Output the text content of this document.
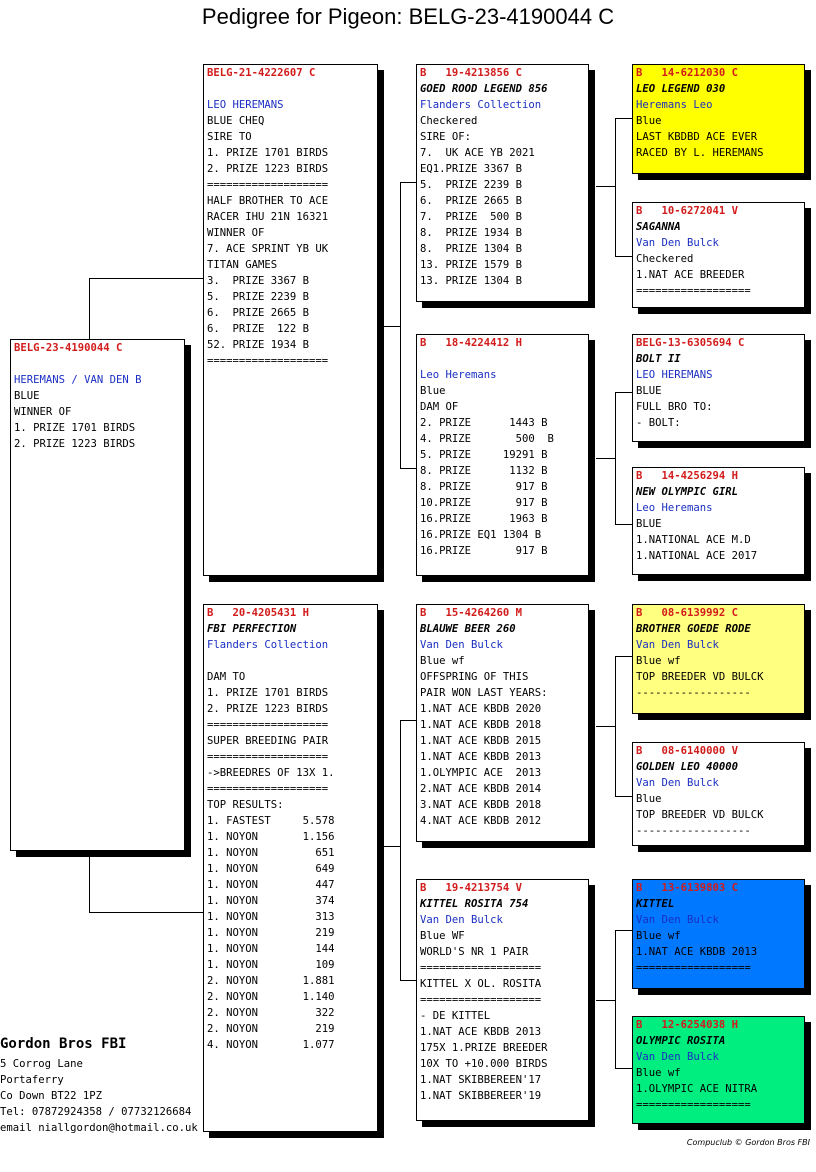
Pedigree for Pigeon: BELG-23-4190044 C
BELG-23-4190044 C
HEREMANS / VAN DEN B
BLUE
WINNER OF
1. PRIZE 1701 BIRDS
2. PRIZE 1223 BIRDS
BELG-21-4222607 C
LEO HEREMANS
BLUE CHEQ
SIRE TO
1. PRIZE 1701 BIRDS
2. PRIZE 1223 BIRDS
===================
HALF BROTHER TO ACE
RACER IHU 21N 16321
WINNER OF
7. ACE SPRINT YB UK
TITAN GAMES
3.  PRIZE 3367 B
5.  PRIZE 2239 B
6.  PRIZE 2665 B
6.  PRIZE  122 B
52. PRIZE 1934 B
===================
B   20-4205431 H
FBI PERFECTION
Flanders Collection
DAM TO
1. PRIZE 1701 BIRDS
2. PRIZE 1223 BIRDS
===================
SUPER BREEDING PAIR
===================
->BREEDRES OF 13X 1.
===================
TOP RESULTS:
1. FASTEST     5.578
1. NOYON       1.156
1. NOYON         651
1. NOYON         649
1. NOYON         447
1. NOYON         374
1. NOYON         313
1. NOYON         219
1. NOYON         144
1. NOYON         109
2. NOYON       1.881
2. NOYON       1.140
2. NOYON         322
2. NOYON         219
4. NOYON       1.077
B   19-4213856 C
GOED ROOD LEGEND 856
Flanders Collection
Checkered
SIRE OF:
7.  UK ACE YB 2021
EQ1.PRIZE 3367 B
5.  PRIZE 2239 B
6.  PRIZE 2665 B
7.  PRIZE  500 B
8.  PRIZE 1934 B
8.  PRIZE 1304 B
13. PRIZE 1579 B
13. PRIZE 1304 B
B   18-4224412 H
Leo Heremans
Blue
DAM OF
2. PRIZE      1443 B
4. PRIZE       500  B
5. PRIZE     19291 B
8. PRIZE      1132 B
8. PRIZE       917 B
10.PRIZE       917 B
16.PRIZE      1963 B
16.PRIZE EQ1 1304 B
16.PRIZE       917 B
B   15-4264260 M
BLAUWE BEER 260
Van Den Bulck
Blue wf
OFFSPRING OF THIS
PAIR WON LAST YEARS:
1.NAT ACE KBDB 2020
1.NAT ACE KBDB 2018
1.NAT ACE KBDB 2015
1.NAT ACE KBDB 2013
1.OLYMPIC ACE  2013
2.NAT ACE KBDB 2014
3.NAT ACE KBDB 2018
4.NAT ACE KBDB 2012
B   19-4213754 V
KITTEL ROSITA 754
Van Den Bulck
Blue WF
WORLD'S NR 1 PAIR
===================
KITTEL X OL. ROSITA
===================
- DE KITTEL
1.NAT ACE KBDB 2013
175X 1.PRIZE BREEDER
10X TO +10.000 BIRDS
1.NAT SKIBBEREEN'17
1.NAT SKIBBEREER'19
B   14-6212030 C
LEO LEGEND 030
Heremans Leo
Blue
LAST KBDBD ACE EVER
RACED BY L. HEREMANS
B   10-6272041 V
SAGANNA
Van Den Bulck
Checkered
1.NAT ACE BREEDER
==================
BELG-13-6305694 C
BOLT II
LEO HEREMANS
BLUE
FULL BRO TO:
- BOLT:
B   14-4256294 H
NEW OLYMPIC GIRL
Leo Heremans
BLUE
1.NATIONAL ACE M.D
1.NATIONAL ACE 2017
B   08-6139992 C
BROTHER GOEDE RODE
Van Den Bulck
Blue wf
TOP BREEDER VD BULCK
------------------
B   08-6140000 V
GOLDEN LEO 40000
Van Den Bulck
Blue
TOP BREEDER VD BULCK
------------------
B   13-6139803 C
KITTEL
Van Den Bulck
Blue wf
1.NAT ACE KBDB 2013
==================
B   12-6254038 H
OLYMPIC ROSITA
Van Den Bulck
Blue wf
1.OLYMPIC ACE NITRA
==================
Gordon Bros FBI
5 Corrog Lane
Portaferry
Co Down BT22 1PZ
Tel: 07872924358 / 07732126684
email niallgordon@hotmail.co.uk
Compuclub © Gordon Bros FBI
